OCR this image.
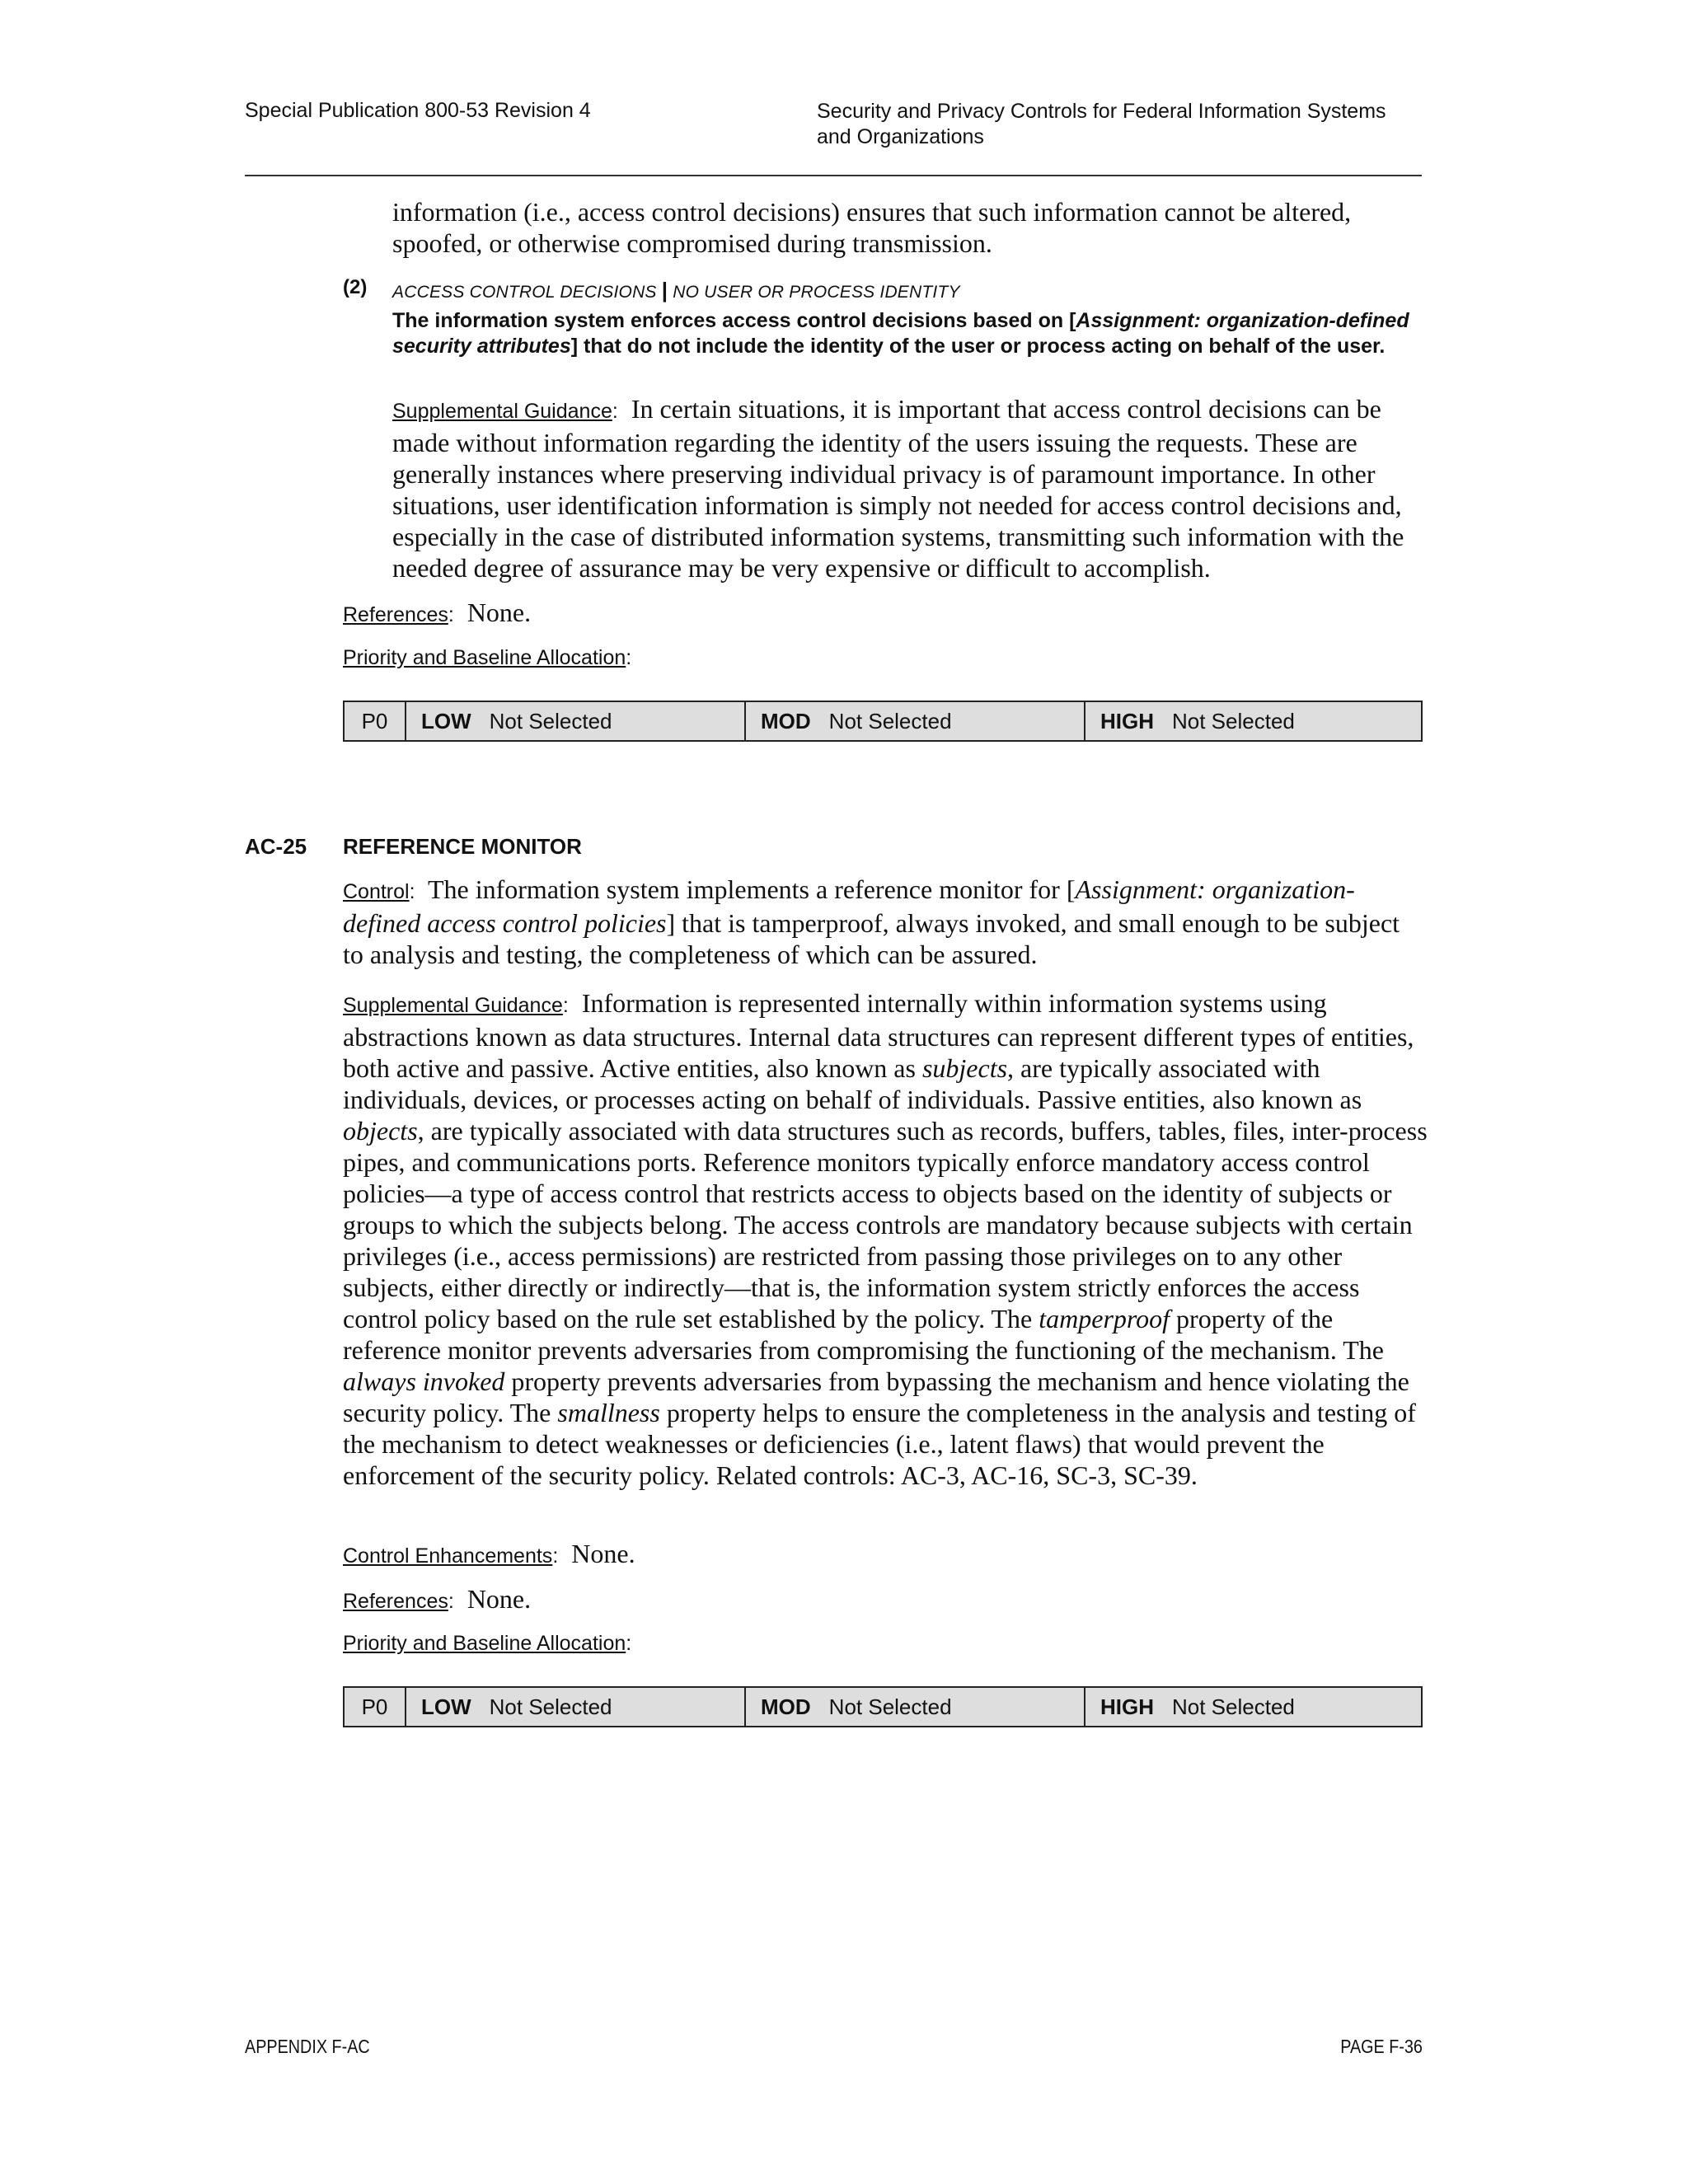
Special Publication 800-53 Revision 4	Security and Privacy Controls for Federal Information Systems and Organizations

information (i.e., access control decisions) ensures that such information cannot be altered, spoofed, or otherwise compromised during transmission.

(2) ACCESS CONTROL DECISIONS | NO USER OR PROCESS IDENTITY
The information system enforces access control decisions based on [Assignment: organization-defined security attributes] that do not include the identity of the user or process acting on behalf of the user.

Supplemental Guidance: In certain situations, it is important that access control decisions can be made without information regarding the identity of the users issuing the requests. These are generally instances where preserving individual privacy is of paramount importance. In other situations, user identification information is simply not needed for access control decisions and, especially in the case of distributed information systems, transmitting such information with the needed degree of assurance may be very expensive or difficult to accomplish.

References: None.

Priority and Baseline Allocation:

P0	LOW Not Selected	MOD Not Selected	HIGH Not Selected
AC-25 REFERENCE MONITOR

Control: The information system implements a reference monitor for [Assignment: organization-defined access control policies] that is tamperproof, always invoked, and small enough to be subject to analysis and testing, the completeness of which can be assured.

Supplemental Guidance: Information is represented internally within information systems using abstractions known as data structures. Internal data structures can represent different types of entities, both active and passive. Active entities, also known as subjects, are typically associated with individuals, devices, or processes acting on behalf of individuals. Passive entities, also known as objects, are typically associated with data structures such as records, buffers, tables, files, inter-process pipes, and communications ports. Reference monitors typically enforce mandatory access control policies—a type of access control that restricts access to objects based on the identity of subjects or groups to which the subjects belong. The access controls are mandatory because subjects with certain privileges (i.e., access permissions) are restricted from passing those privileges on to any other subjects, either directly or indirectly—that is, the information system strictly enforces the access control policy based on the rule set established by the policy. The tamperproof property of the reference monitor prevents adversaries from compromising the functioning of the mechanism. The always invoked property prevents adversaries from bypassing the mechanism and hence violating the security policy. The smallness property helps to ensure the completeness in the analysis and testing of the mechanism to detect weaknesses or deficiencies (i.e., latent flaws) that would prevent the enforcement of the security policy. Related controls: AC-3, AC-16, SC-3, SC-39.

Control Enhancements: None.

References: None.

Priority and Baseline Allocation:

P0	LOW Not Selected	MOD Not Selected	HIGH Not Selected
APPENDIX F-AC	PAGE F-36
